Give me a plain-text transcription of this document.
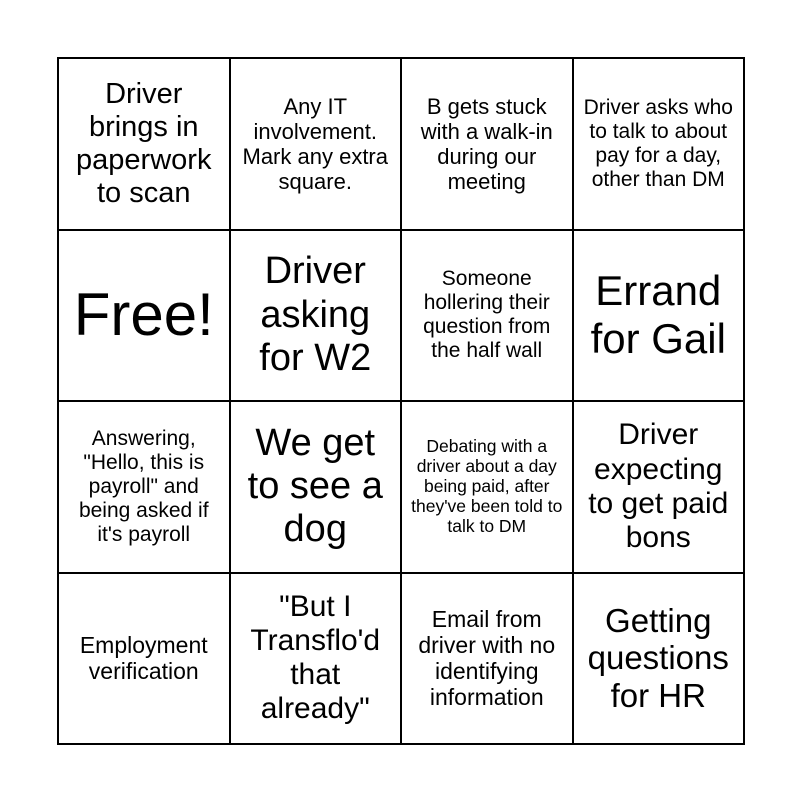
Driver brings in paperwork to scan	Any IT involvement. Mark any extra square.	B gets stuck with a walk-in during our meeting	Driver asks who to talk to about pay for a day, other than DM
Free!	Driver asking for W2	Someone hollering their question from the half wall	Errand for Gail
Answering, "Hello, this is payroll" and being asked if it's payroll	We get to see a dog	Debating with a driver about a day being paid, after they've been told to talk to DM	Driver expecting to get paid bons
Employment verification	"But I Transflo'd that already"	Email from driver with no identifying information	Getting questions for HR
